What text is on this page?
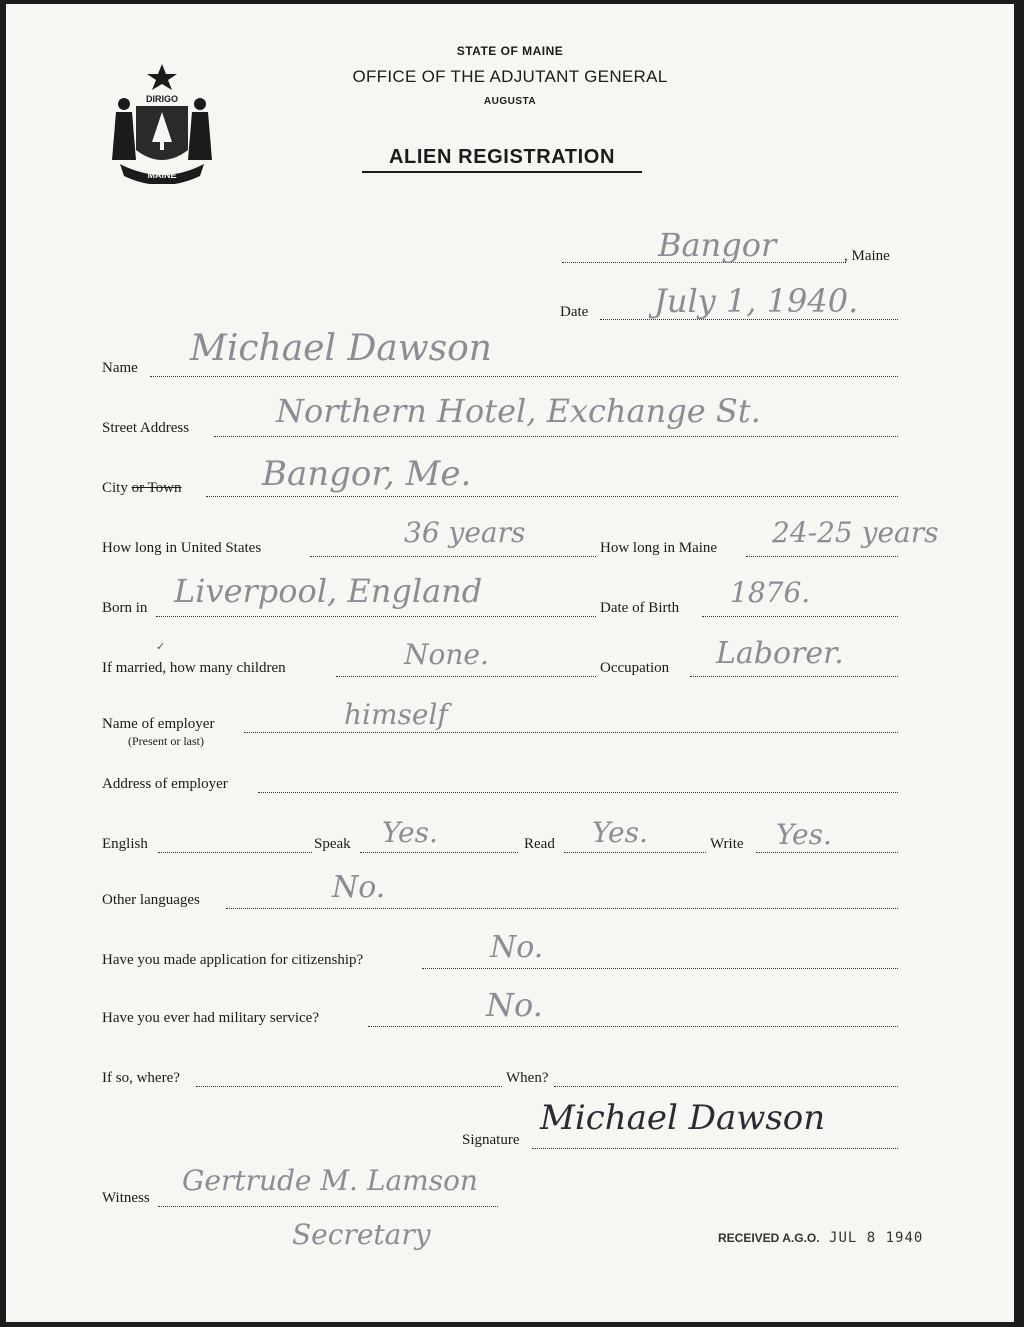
DIRIGO
MAINE
STATE OF MAINE
OFFICE OF THE ADJUTANT GENERAL
AUGUSTA
ALIEN REGISTRATION
Bangor	, Maine
Date July 1, 1940.
Name Michael Dawson
Street Address	Northern Hotel, Exchange St.
City or Town Bangor, Me.
How long in United States	36 years	How long in Maine 24-25 years
Born in Liverpool, England	Date of Birth 1876.
✓
If married, how many children	None.	Occupation Laborer.
Name of employer
(Present or last)
himself
Address of employer
English	Speak Yes.	Read Yes.	Write Yes.
Other languages	No.
Have you made application for citizenship?	No.
Have you ever had military service?	No.
If so, where?	When?
Signature
Michael Dawson
Witness
Gertrude M. Lamson
Secretary	RECEIVED A.G.O. JUL 8 1940
